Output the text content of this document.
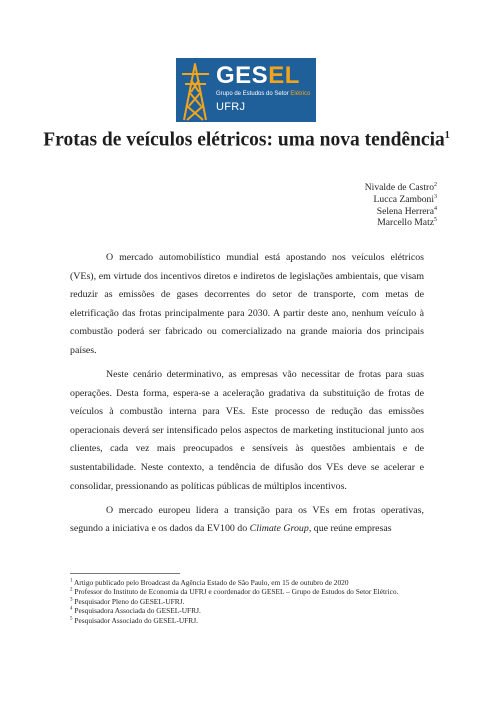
GESEL
Grupo de Estudos do Setor Elétrico
UFRJ
Frotas de veículos elétricos: uma nova tendência$^1$
Nivalde de Castro$^2$
Lucca Zamboni$^3$
Selena Herrera$^4$
Marcello Matz$^5$

O mercado automobilístico mundial está apostando nos veículos elétricos (VEs), em virtude dos incentivos diretos e indiretos de legislações ambientais, que visam reduzir as emissões de gases decorrentes do setor de transporte, com metas de eletrificação das frotas principalmente para 2030. A partir deste ano, nenhum veículo à combustão poderá ser fabricado ou comercializado na grande maioria dos principais países.

Neste cenário determinativo, as empresas vão necessitar de frotas para suas operações. Desta forma, espera-se a aceleração gradativa da substituição de frotas de veículos à combustão interna para VEs. Este processo de redução das emissões operacionais deverá ser intensificado pelos aspectos de marketing institucional junto aos clientes, cada vez mais preocupados e sensíveis às questões ambientais e de sustentabilidade. Neste contexto, a tendência de difusão dos VEs deve se acelerar e consolidar, pressionando as políticas públicas de múltiplos incentivos.

O mercado europeu lidera a transição para os VEs em frotas operativas, segundo a iniciativa e os dados da EV100 do Climate Group, que reúne empresas

$^1$ Artigo publicado pelo Broadcast da Agência Estado de São Paulo, em 15 de outubro de 2020

$^2$ Professor do Instituto de Economia da UFRJ e coordenador do GESEL – Grupo de Estudos do Setor Elétrico.

$^3$ Pesquisador Pleno do GESEL-UFRJ.

$^4$ Pesquisadora Associada do GESEL-UFRJ.

$^5$ Pesquisador Associado do GESEL-UFRJ.
